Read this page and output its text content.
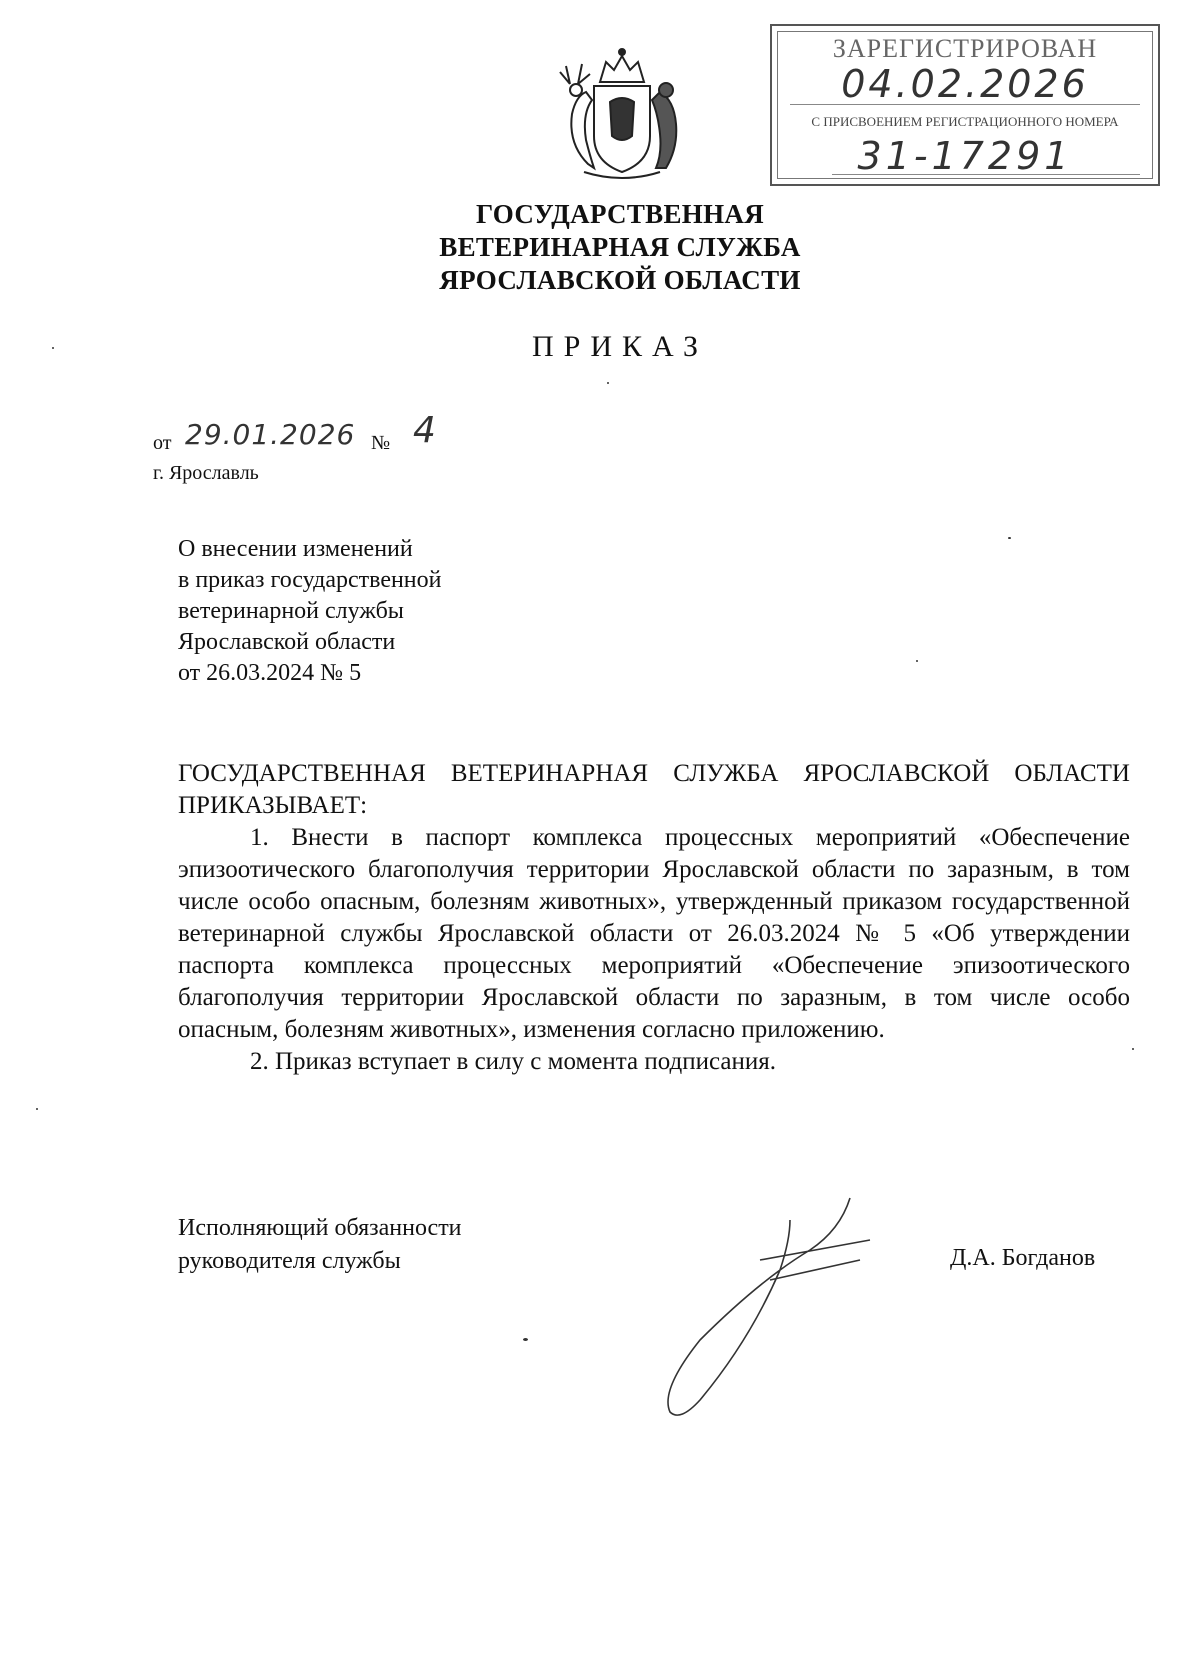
ЗАРЕГИСТРИРОВАН
04.02.2026
С ПРИСВОЕНИЕМ РЕГИСТРАЦИОННОГО НОМЕРА
31-17291
ГОСУДАРСТВЕННАЯ
ВЕТЕРИНАРНАЯ СЛУЖБА
ЯРОСЛАВСКОЙ ОБЛАСТИ
ПРИКАЗ
от 29.01.2026 № 4
г. Ярославль
О внесении изменений
в приказ государственной
ветеринарной службы
Ярославской области
от 26.03.2024 № 5

ГОСУДАРСТВЕННАЯ ВЕТЕРИНАРНАЯ СЛУЖБА ЯРОСЛАВСКОЙ ОБЛАСТИ ПРИКАЗЫВАЕТ:

1. Внести в паспорт комплекса процессных мероприятий «Обеспечение эпизоотического благополучия территории Ярославской области по заразным, в том числе особо опасным, болезням животных», утвержденный приказом государственной ветеринарной службы Ярославской области от 26.03.2024 № 5 «Об утверждении паспорта комплекса процессных мероприятий «Обеспечение эпизоотического благополучия территории Ярославской области по заразным, в том числе особо опасным, болезням животных», изменения согласно приложению.

2. Приказ вступает в силу с момента подписания.

Исполняющий обязанности
руководителя службы	Д.А. Богданов
